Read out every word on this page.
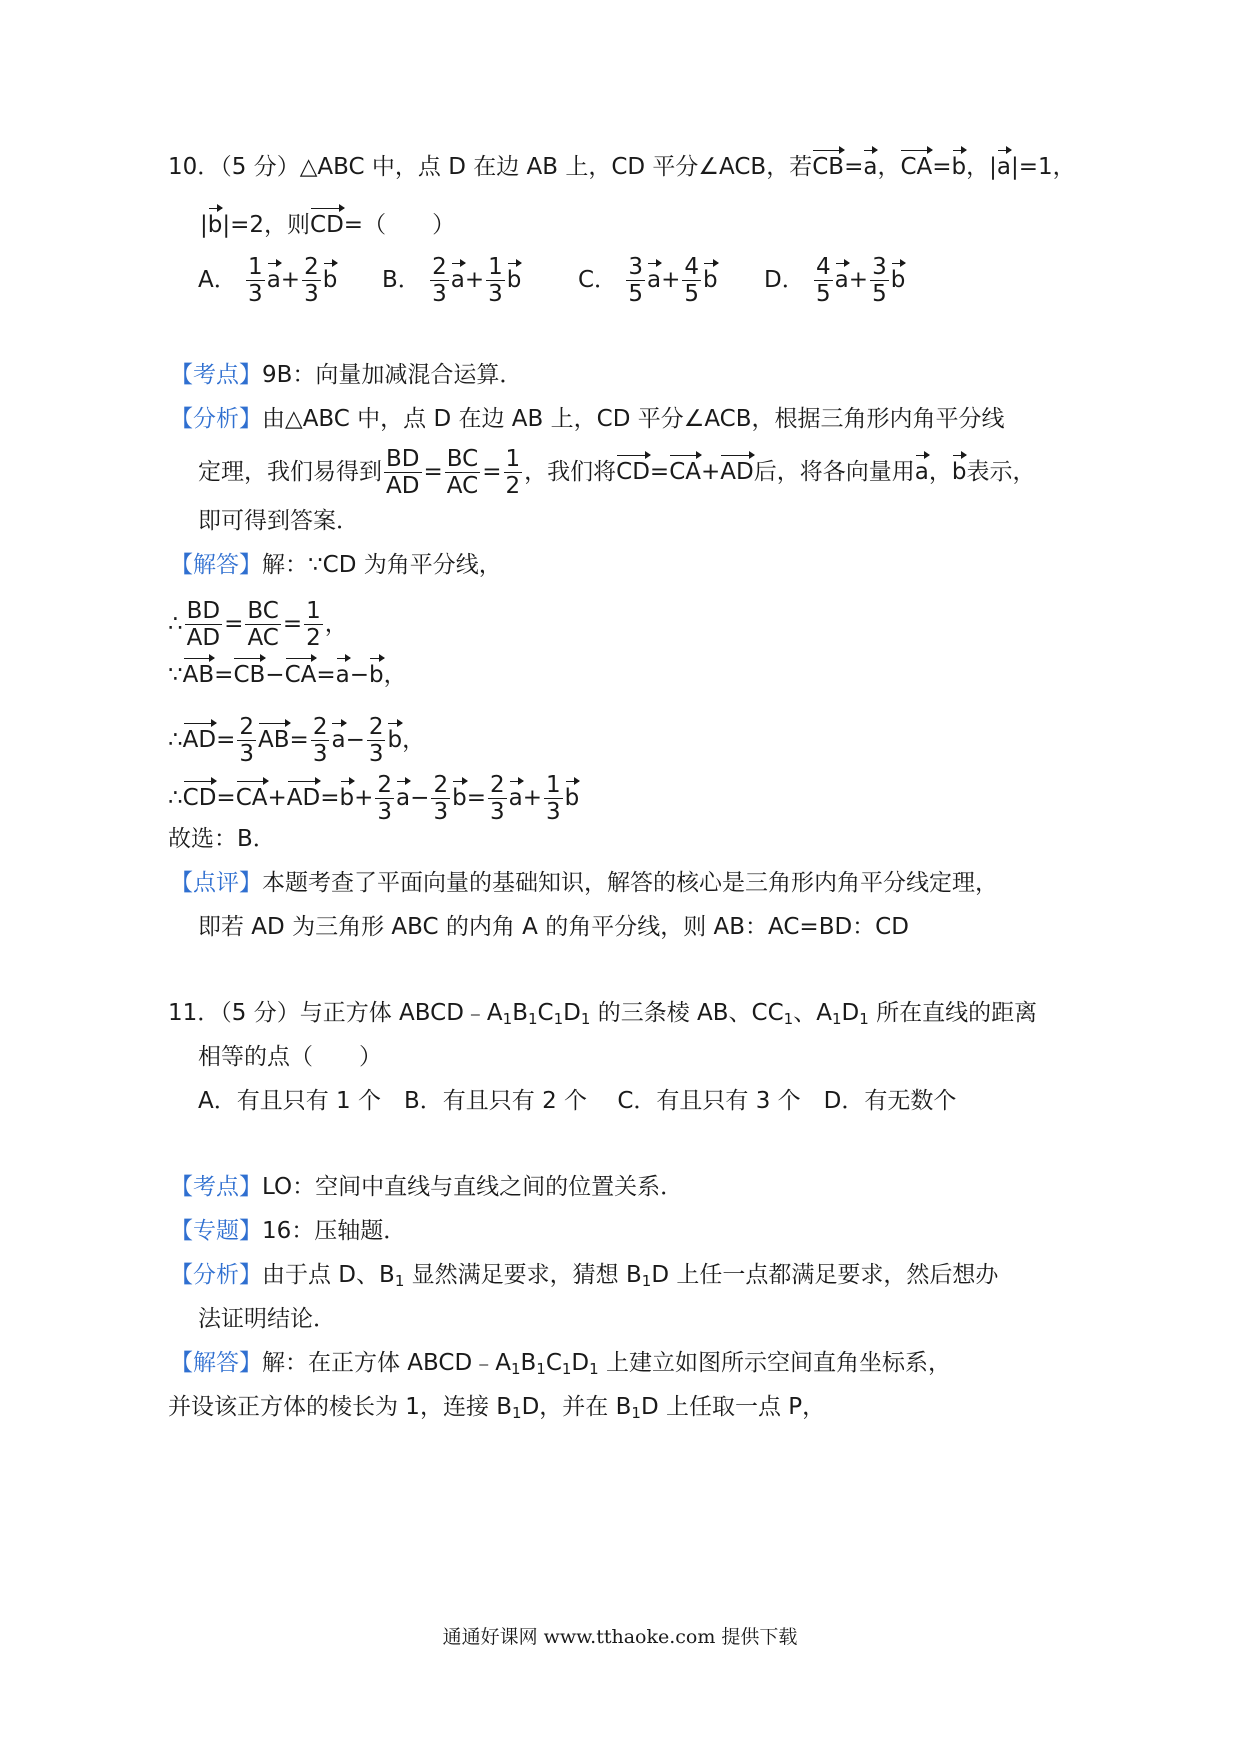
10．（5 分）△ABC 中，点 D 在边 AB 上，CD 平分∠ACB，若CB=a，CA=b，|a|=1，
|b|=2，则CD=（　　）
A． $\frac{1}{3} a+ \frac{2}{3}$ b B． $\frac{2}{3} a+ \frac{1}{3}$ b C． $\frac{3}{5} a+ \frac{4}{5}$ b D． $\frac{4}{5} a+ \frac{3}{5}$ b
【考点】9B：向量加减混合运算．
【分析】由△ABC 中，点 D 在边 AB 上，CD 平分∠ACB，根据三角形内角平分线
定理，我们易得到 $\frac{BD}{AD} = \frac{BC}{AC} = \frac{1}{2}$ ，我们将CD=CA+AD后，将各向量用a，b表示，
即可得到答案．
【解答】解：∵CD 为角平分线，
∴ $\frac{BD}{AD} = \frac{BC}{AC} = \frac{1}{2}$ ，
∵AB=CB−CA=a−b，
∴AD= $\frac{2}{3} AB= \frac{2}{3} a- \frac{2}{3}$ b，
∴CD=CA+AD=b+ $\frac{2}{3} a- \frac{2}{3} b= \frac{2}{3} a+ \frac{1}{3}$ b
故选：B．
【点评】本题考查了平面向量的基础知识，解答的核心是三角形内角平分线定理，
即若 AD 为三角形 ABC 的内角 A 的角平分线，则 AB：AC=BD：CD
11．（5 分）与正方体 $ABCD﹣A_1B_1C_1D_1$ 的三条棱 AB、$CC_1$、$A_1D_1$ 所在直线的距离
相等的点（　　）
A．有且只有 1 个　B．有且只有 2 个　 C．有且只有 3 个　D．有无数个
【考点】LO：空间中直线与直线之间的位置关系．
【专题】16：压轴题．
【分析】由于点 D、$B_1$ 显然满足要求，猜想 $B_1D$ 上任一点都满足要求，然后想办
法证明结论．
【解答】解：在正方体 $ABCD﹣A_1B_1C_1D_1$ 上建立如图所示空间直角坐标系，
并设该正方体的棱长为 1，连接 $B_1D$，并在 $B_1D$ 上任取一点 P，
通通好课网 www.tthaoke.com 提供下载
